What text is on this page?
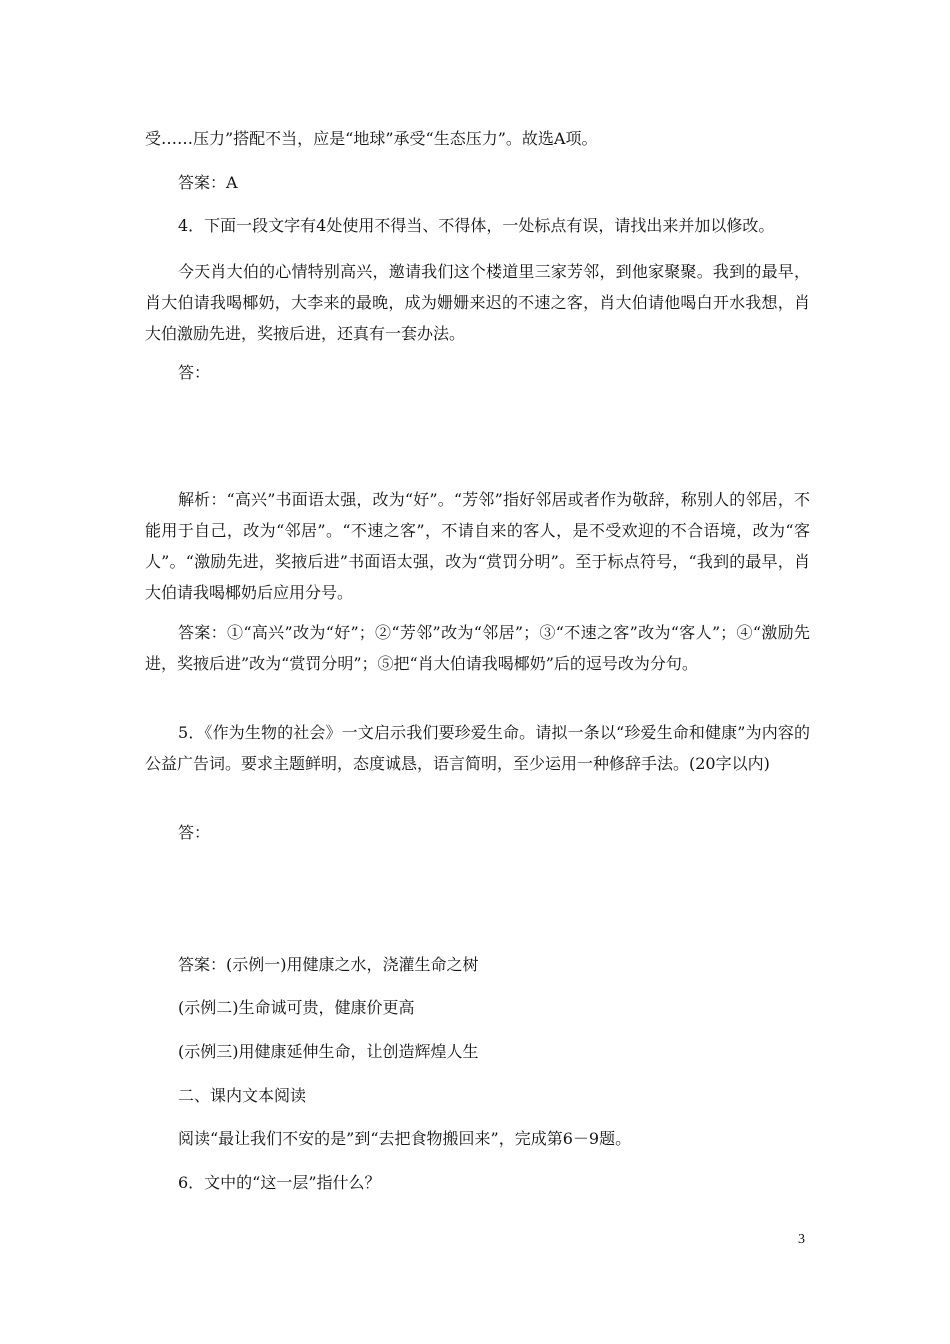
受……压力”搭配不当，应是“地球”承受“生态压力”。故选A项。
答案：A
4．下面一段文字有4处使用不得当、不得体，一处标点有误，请找出来并加以修改。
今天肖大伯的心情特别高兴，邀请我们这个楼道里三家芳邻，到他家聚聚。我到的最早，肖大伯请我喝椰奶，大李来的最晚，成为姗姗来迟的不速之客，肖大伯请他喝白开水我想，肖大伯激励先进，奖掖后进，还真有一套办法。
答：
解析：“高兴”书面语太强，改为“好”。“芳邻”指好邻居或者作为敬辞，称别人的邻居，不能用于自己，改为“邻居”。“不速之客”，不请自来的客人，是不受欢迎的不合语境，改为“客人”。“激励先进，奖掖后进”书面语太强，改为“赏罚分明”。至于标点符号，“我到的最早，肖大伯请我喝椰奶后应用分号。
答案：①“高兴”改为“好”；②“芳邻”改为“邻居”；③“不速之客”改为“客人”；④“激励先进，奖掖后进”改为“赏罚分明”；⑤把“肖大伯请我喝椰奶”后的逗号改为分句。
5．《作为生物的社会》一文启示我们要珍爱生命。请拟一条以“珍爱生命和健康”为内容的公益广告词。要求主题鲜明，态度诚恳，语言简明，至少运用一种修辞手法。(20字以内)
答：
答案：(示例一)用健康之水，浇灌生命之树
(示例二)生命诚可贵，健康价更高
(示例三)用健康延伸生命，让创造辉煌人生
二、课内文本阅读
阅读“最让我们不安的是”到“去把食物搬回来”，完成第6－9题。
6．文中的“这一层”指什么？
3
